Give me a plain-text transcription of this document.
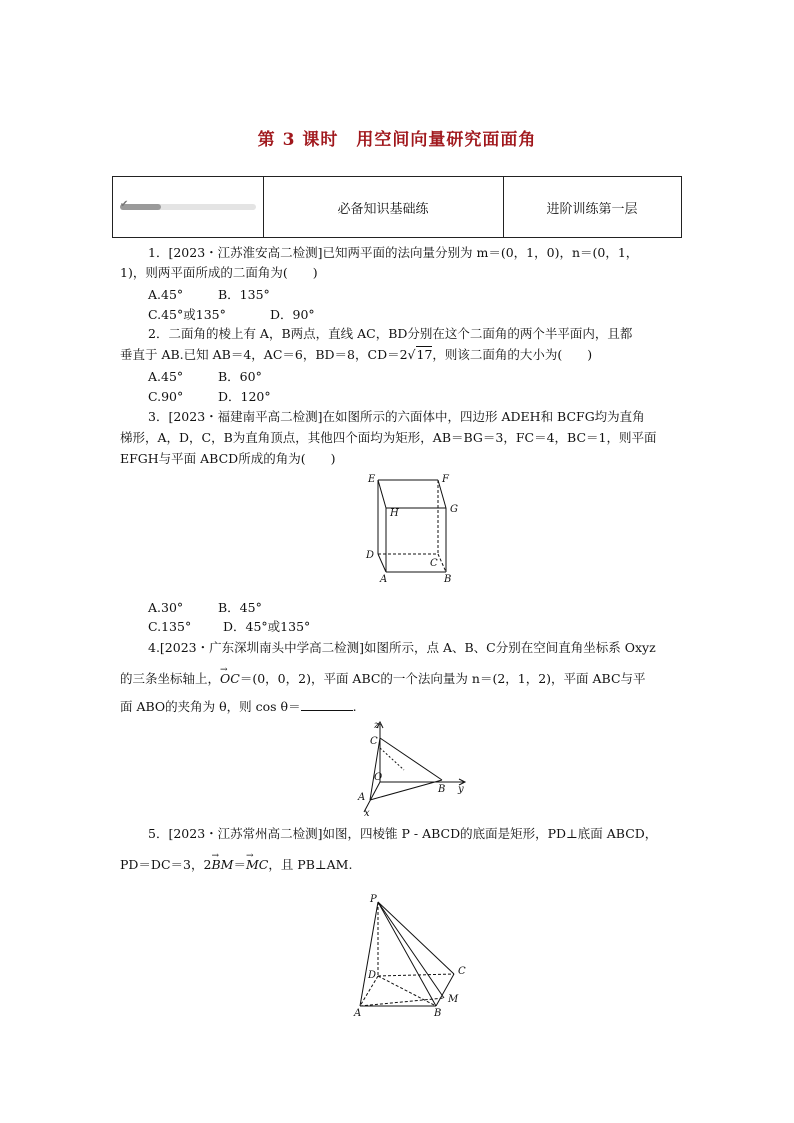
第 3 课时　用空间向量研究面面角
✔	必备知识基础练	进阶训练第一层
1．[2023・江苏淮安高二检测]已知两平面的法向量分别为 m＝(0，1，0)，n＝(0，1，
1)，则两平面所成的二面角为(　　)
A.45°	B．135°
C.45°或135°	D．90°
2．二面角的棱上有 A，B两点，直线 AC，BD分别在这个二面角的两个半平面内，且都
垂直于 AB.已知 AB＝4，AC＝6，BD＝8，CD＝2√17，则该二面角的大小为(　　)
A.45°	B．60°
C.90°	D．120°
3．[2023・福建南平高二检测]在如图所示的六面体中，四边形 ADEH和 BCFG均为直角
梯形，A，D，C，B为直角顶点，其他四个面均为矩形，AB＝BG＝3，FC＝4，BC＝1，则平面
EFGH与平面 ABCD所成的角为(　　)
E	F
H	G
D
C
A	B
A.30°	B．45°
C.135°	D．45°或135°
4.[2023・广东深圳南头中学高二检测]如图所示，点 A、B、C分别在空间直角坐标系 Oxyz
的三条坐标轴上，→ OC＝(0，0，2)，平面 ABC的一个法向量为 n＝(2，1，2)，平面 ABC与平
面 ABO的夹角为 θ，则 cos θ＝	.
z
C
O
B y
A
x
5．[2023・江苏常州高二检测]如图，四棱锥 P - ABCD的底面是矩形，PD⊥底面 ABCD，
PD＝DC＝3，2→ BM＝→ MC，且 PB⊥AM.
P
D	C
M
A	B
